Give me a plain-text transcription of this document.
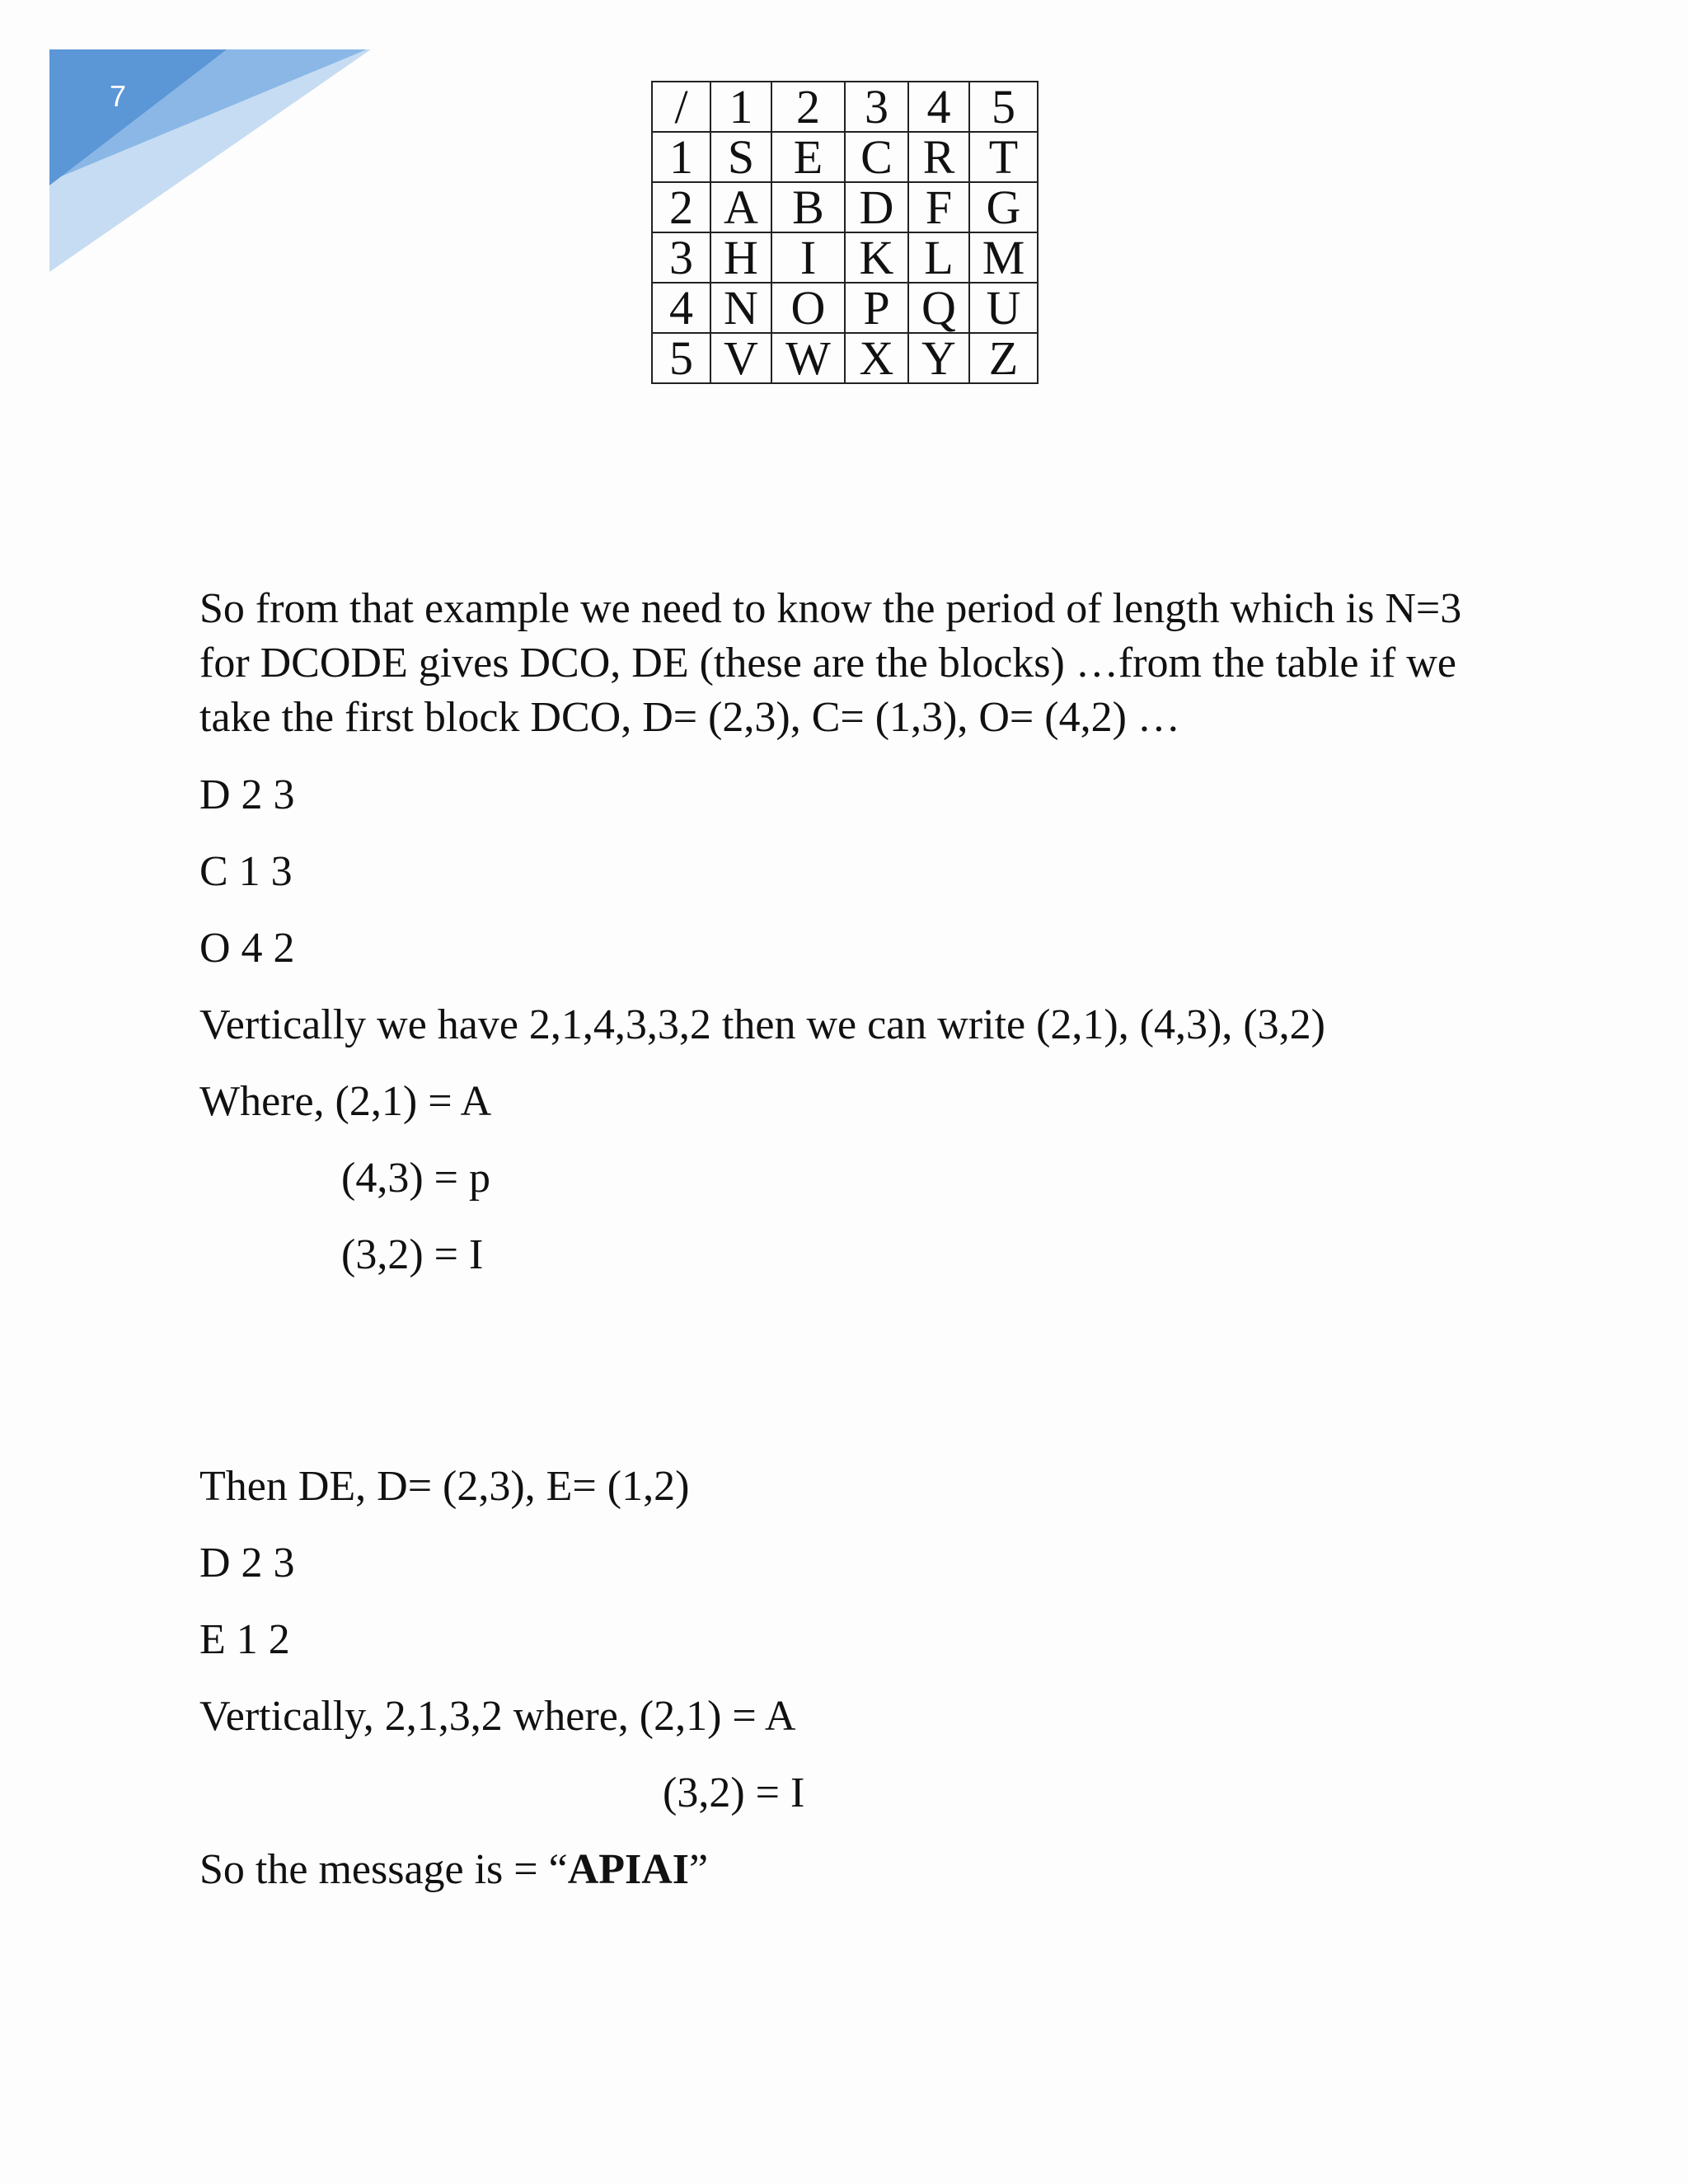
7	/	1	2	3	4	5
1	S	E	C	R	T
2	A	B	D	F	G
3	H	I	K	L	M
4	N	O	P	Q	U
5	V	W	X	Y	Z
So from that example we need to know the period of length which is N=3
for DCODE gives DCO, DE (these are the blocks) …from the table if we
take the first block DCO, D= (2,3), C= (1,3), O= (4,2) …
D 2 3
C 1 3
O 4 2
Vertically we have 2,1,4,3,3,2 then we can write (2,1), (4,3), (3,2)
Where, (2,1) = A
(4,3) = p
(3,2) = I
Then DE, D= (2,3), E= (1,2)
D 2 3
E 1 2
Vertically, 2,1,3,2 where, (2,1) = A
(3,2) = I
So the message is = “APIAI”
